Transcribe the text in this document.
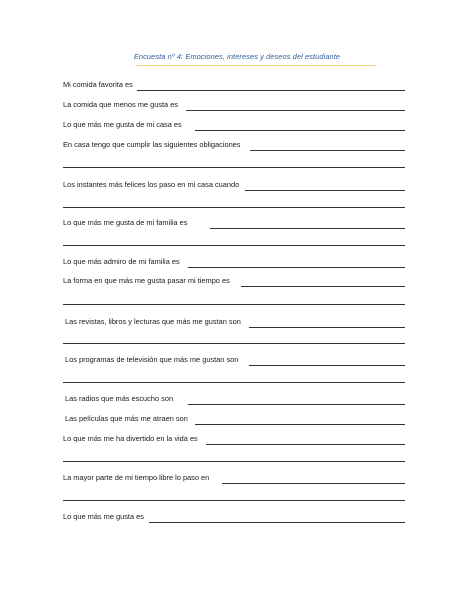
Encuesta nº 4: Emociones, intereses y deseos del estudiante
Mi comida favorita es
La comida que menos me gusta es
Lo que más me gusta de mi casa es
En casa tengo que cumplir las siguientes obligaciones
Los instantes más felices los paso en mi casa cuando
Lo que más me gusta de mi familia es
Lo que más admiro de mi familia es
La forma en que más me gusta pasar mi tiempo es
Las revistas, libros y lecturas que más me gustan son
Los programas de televisión que más me gustan son
Las radios que más escucho son
Las películas que más me atraen son
Lo que más me ha divertido en la vida es
La mayor parte de mi tiempo libre lo paso en
Lo que más me gusta es
